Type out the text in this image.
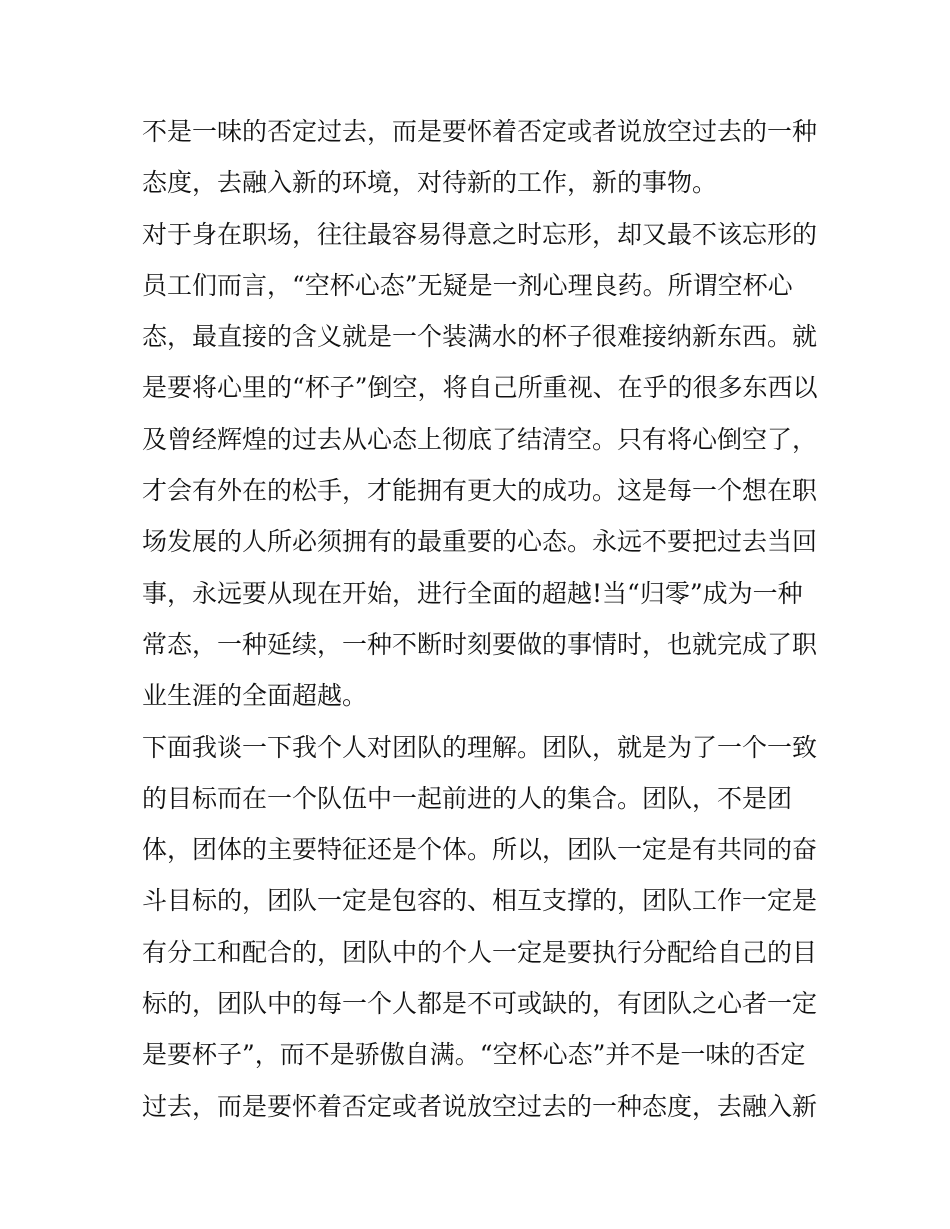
不是一味的否定过去，而是要怀着否定或者说放空过去的一种
态度，去融入新的环境，对待新的工作，新的事物。
对于身在职场，往往最容易得意之时忘形，却又最不该忘形的
员工们而言，“空杯心态”无疑是一剂心理良药。所谓空杯心
态，最直接的含义就是一个装满水的杯子很难接纳新东西。就
是要将心里的“杯子”倒空，将自己所重视、在乎的很多东西以
及曾经辉煌的过去从心态上彻底了结清空。只有将心倒空了，
才会有外在的松手，才能拥有更大的成功。这是每一个想在职
场发展的人所必须拥有的最重要的心态。永远不要把过去当回
事，永远要从现在开始，进行全面的超越!当“归零”成为一种
常态，一种延续，一种不断时刻要做的事情时，也就完成了职
业生涯的全面超越。
下面我谈一下我个人对团队的理解。团队，就是为了一个一致
的目标而在一个队伍中一起前进的人的集合。团队，不是团
体，团体的主要特征还是个体。所以，团队一定是有共同的奋
斗目标的，团队一定是包容的、相互支撑的，团队工作一定是
有分工和配合的，团队中的个人一定是要执行分配给自己的目
标的，团队中的每一个人都是不可或缺的，有团队之心者一定
是要杯子”，而不是骄傲自满。“空杯心态”并不是一味的否定
过去，而是要怀着否定或者说放空过去的一种态度，去融入新
